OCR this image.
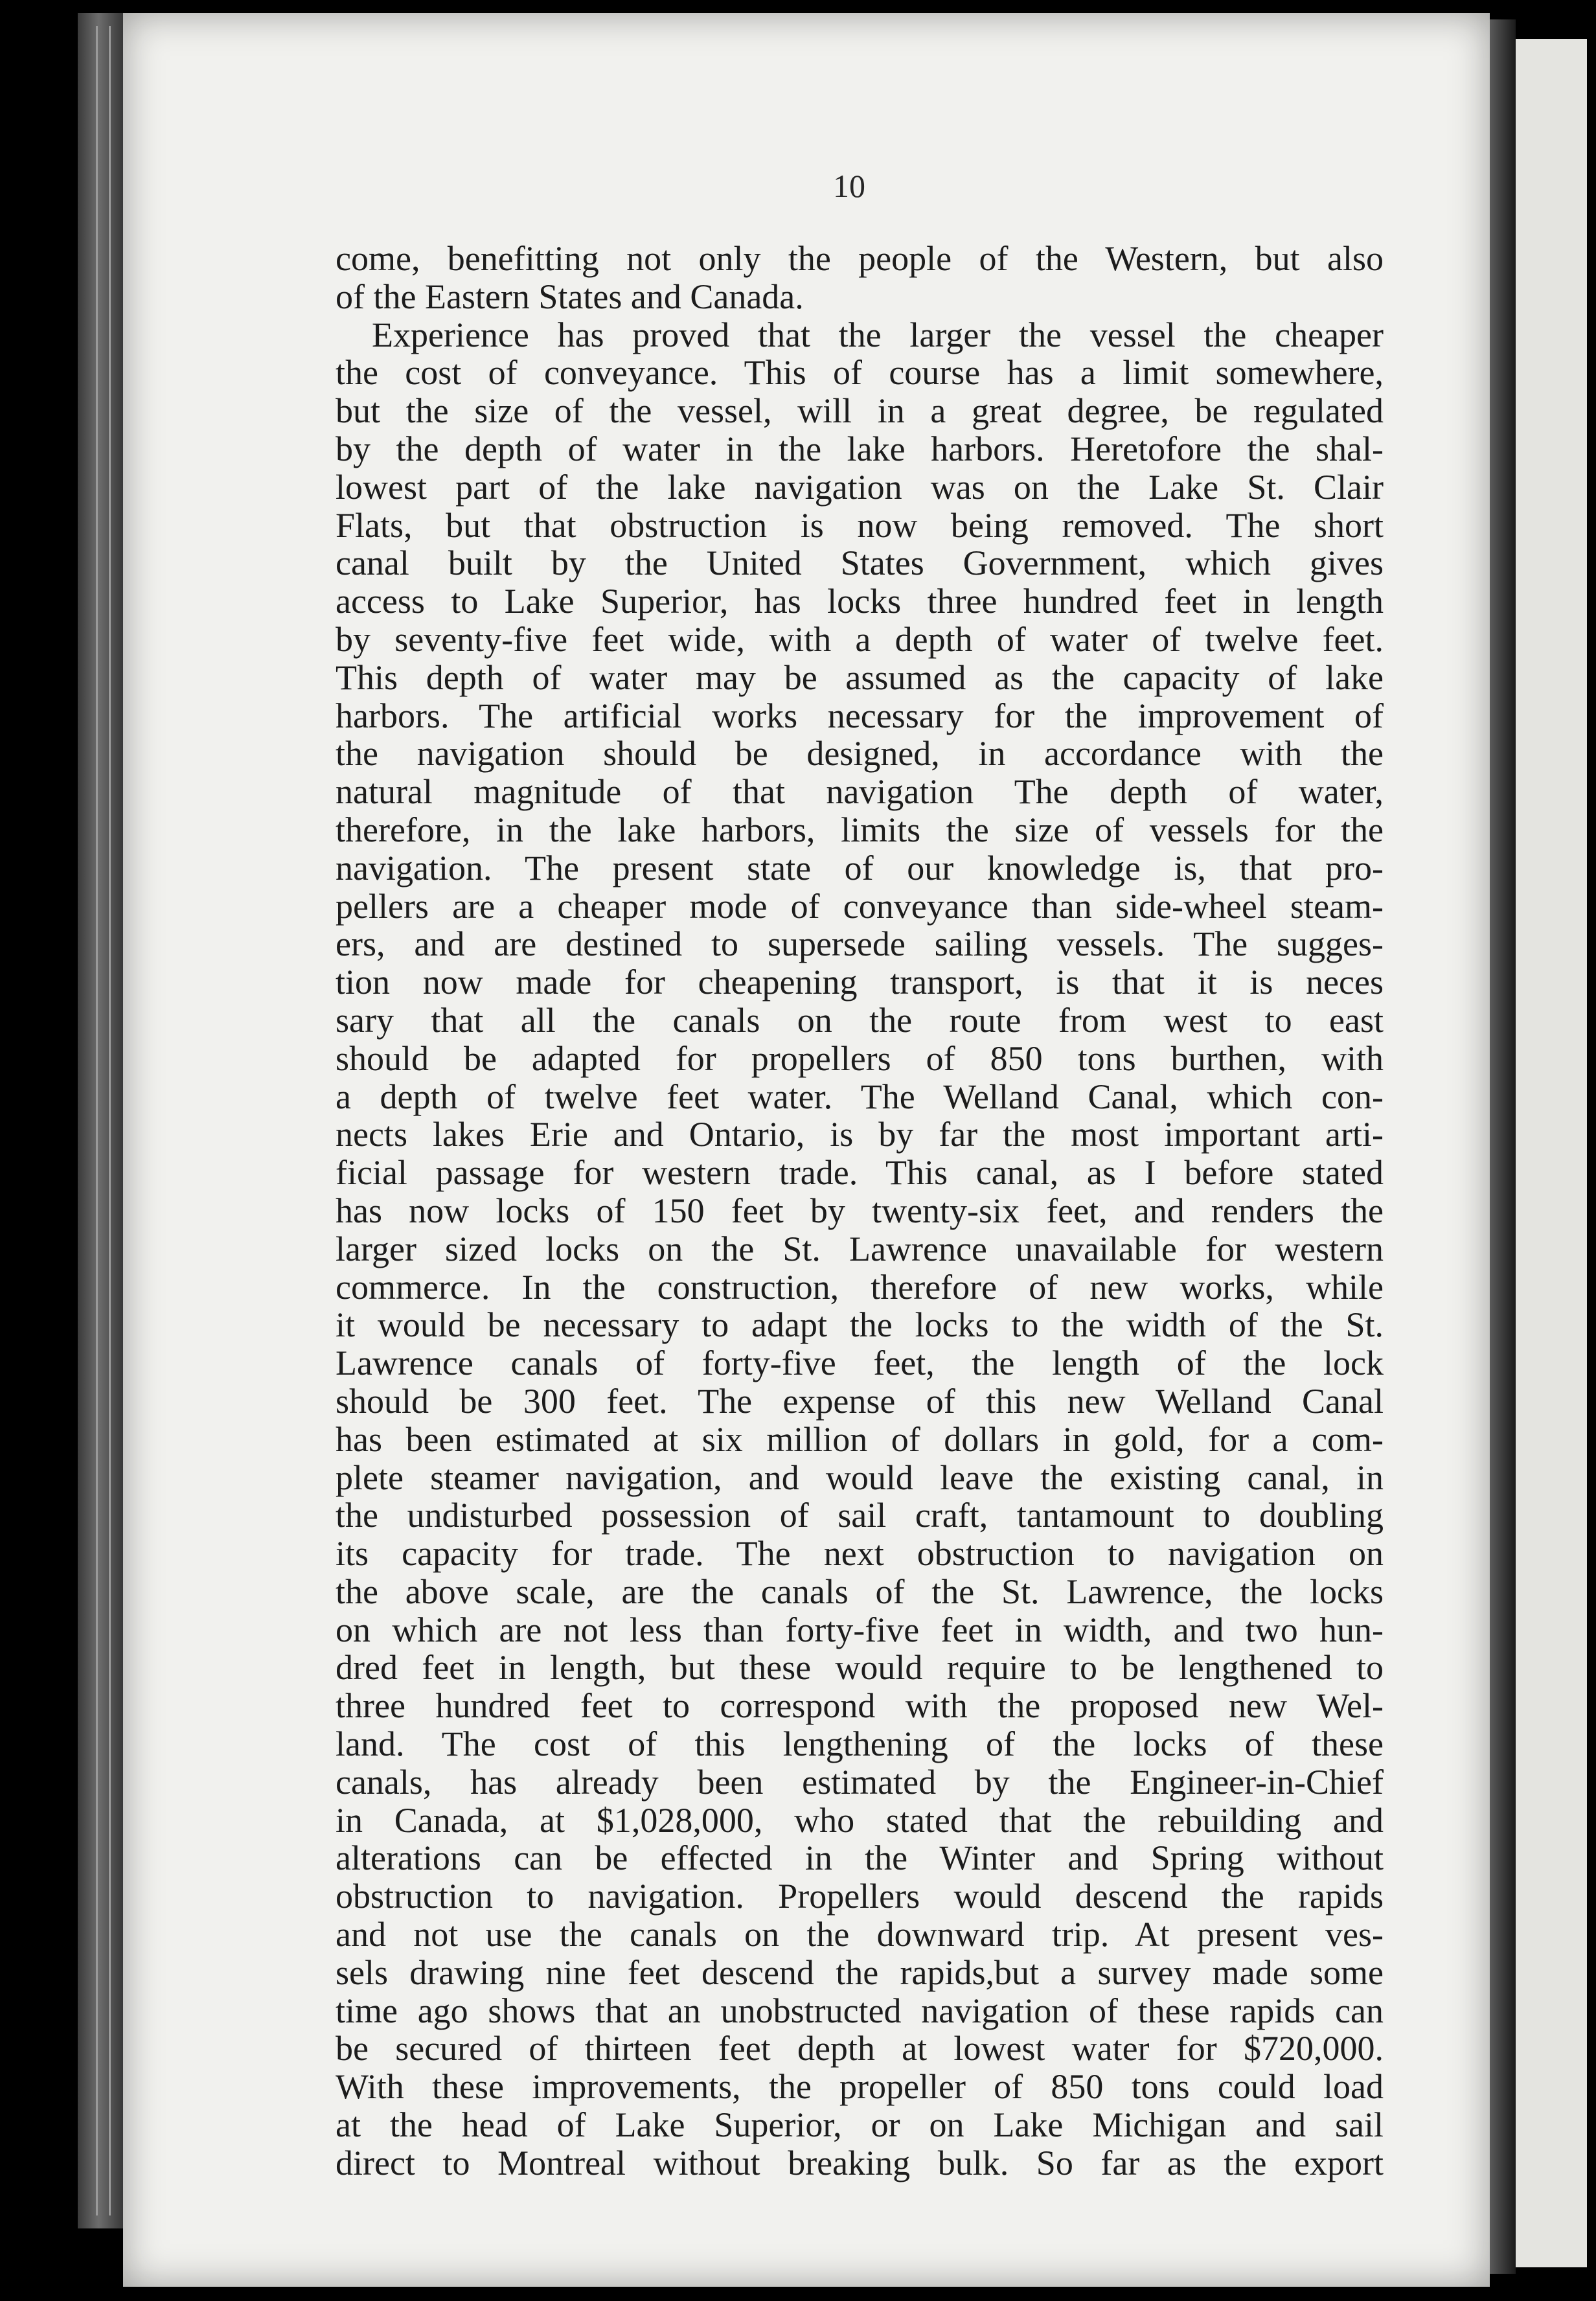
10
come, benefitting not only the people of the Western, but also
of the Eastern States and Canada.
Experience has proved that the larger the vessel the cheaper
the cost of conveyance. This of course has a limit somewhere,
but the size of the vessel, will in a great degree, be regulated
by the depth of water in the lake harbors. Heretofore the shal-
lowest part of the lake navigation was on the Lake St. Clair
Flats, but that obstruction is now being removed. The short
canal built by the United States Government, which gives
access to Lake Superior, has locks three hundred feet in length
by seventy-five feet wide, with a depth of water of twelve feet.
This depth of water may be assumed as the capacity of lake
harbors. The artificial works necessary for the improvement of
the navigation should be designed, in accordance with the
natural magnitude of that navigation The depth of water,
therefore, in the lake harbors, limits the size of vessels for the
navigation. The present state of our knowledge is, that pro-
pellers are a cheaper mode of conveyance than side-wheel steam-
ers, and are destined to supersede sailing vessels. The sugges-
tion now made for cheapening transport, is that it is neces
sary that all the canals on the route from west to east
should be adapted for propellers of 850 tons burthen, with
a depth of twelve feet water. The Welland Canal, which con-
nects lakes Erie and Ontario, is by far the most important arti-
ficial passage for western trade. This canal, as I before stated
has now locks of 150 feet by twenty-six feet, and renders the
larger sized locks on the St. Lawrence unavailable for western
commerce. In the construction, therefore of new works, while
it would be necessary to adapt the locks to the width of the St.
Lawrence canals of forty-five feet, the length of the lock
should be 300 feet. The expense of this new Welland Canal
has been estimated at six million of dollars in gold, for a com-
plete steamer navigation, and would leave the existing canal, in
the undisturbed possession of sail craft, tantamount to doubling
its capacity for trade. The next obstruction to navigation on
the above scale, are the canals of the St. Lawrence, the locks
on which are not less than forty-five feet in width, and two hun-
dred feet in length, but these would require to be lengthened to
three hundred feet to correspond with the proposed new Wel-
land. The cost of this lengthening of the locks of these
canals, has already been estimated by the Engineer-in-Chief
in Canada, at $1,028,000, who stated that the rebuilding and
alterations can be effected in the Winter and Spring without
obstruction to navigation. Propellers would descend the rapids
and not use the canals on the downward trip. At present ves-
sels drawing nine feet descend the rapids,but a survey made some
time ago shows that an unobstructed navigation of these rapids can
be secured of thirteen feet depth at lowest water for $720,000.
With these improvements, the propeller of 850 tons could load
at the head of Lake Superior, or on Lake Michigan and sail
direct to Montreal without breaking bulk. So far as the export
